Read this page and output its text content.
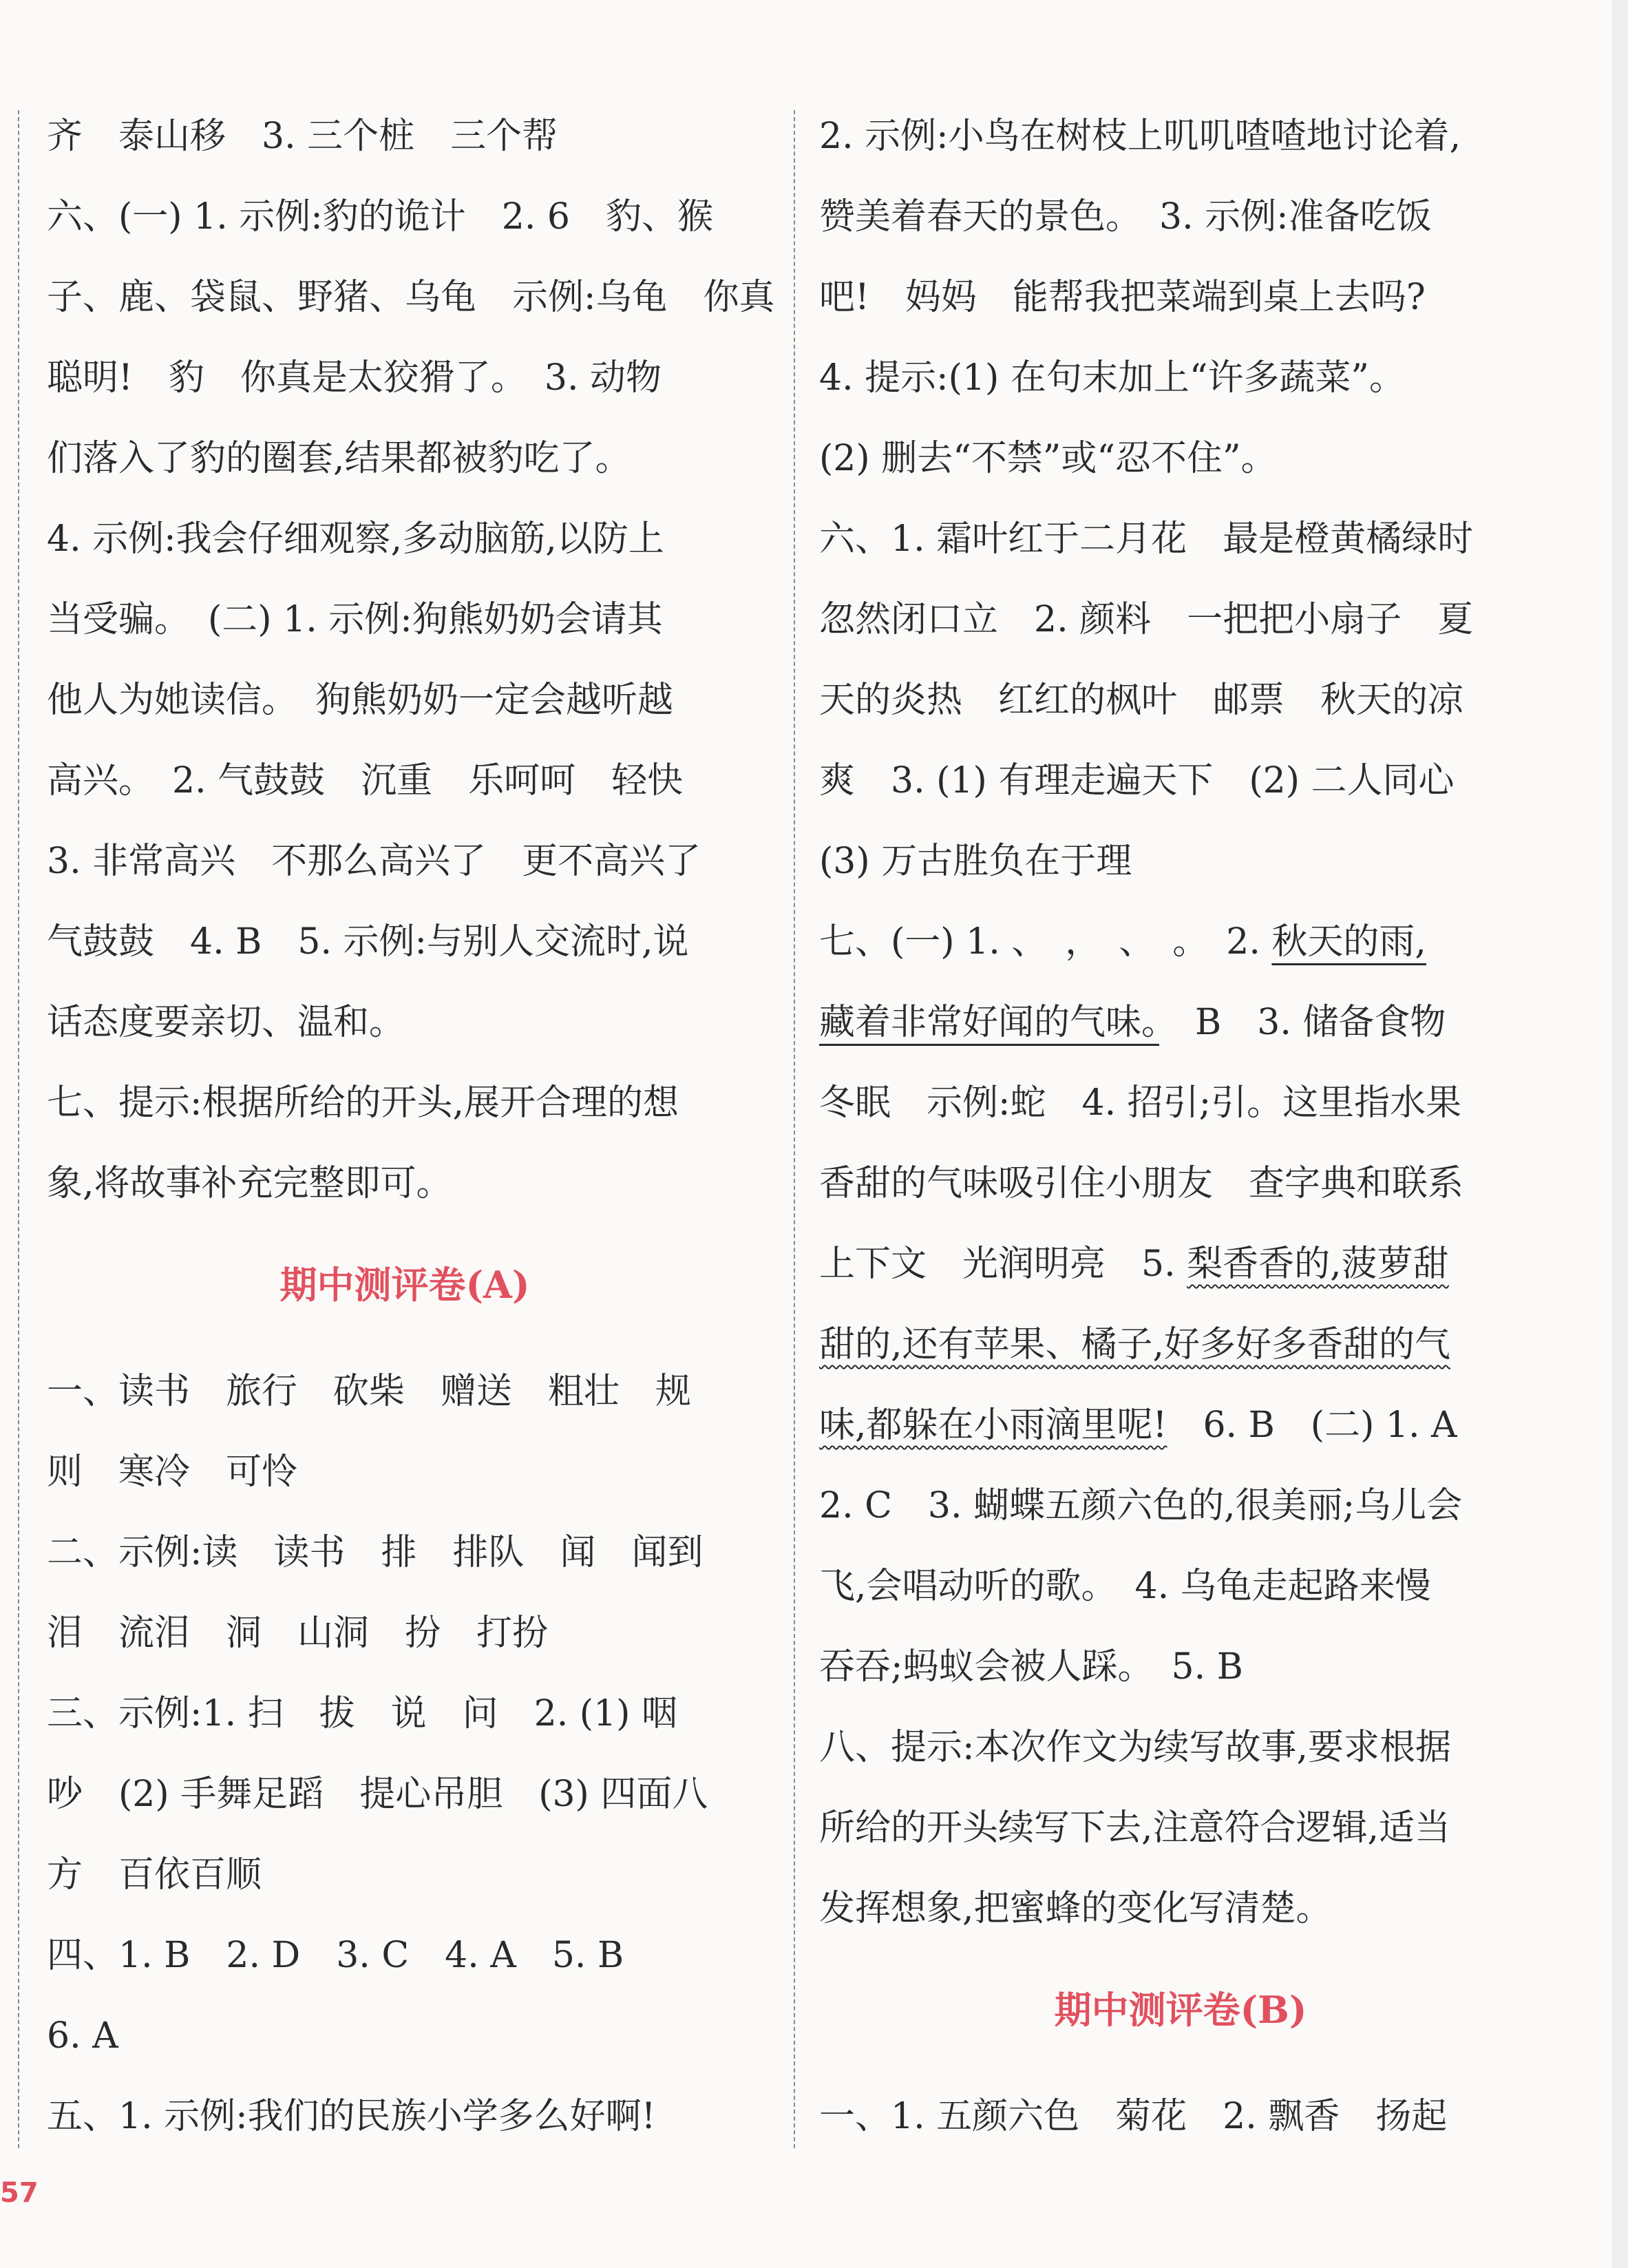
齐　泰山移　3. 三个桩　三个帮
六、(一) 1. 示例:豹的诡计　2. 6　豹、猴
子、鹿、袋鼠、野猪、乌龟　示例:乌龟　你真
聪明!　豹　你真是太狡猾了。　3. 动物
们落入了豹的圈套,结果都被豹吃了。
4. 示例:我会仔细观察,多动脑筋,以防上
当受骗。　(二) 1. 示例:狗熊奶奶会请其
他人为她读信。　狗熊奶奶一定会越听越
高兴。　2. 气鼓鼓　沉重　乐呵呵　轻快
3. 非常高兴　不那么高兴了　更不高兴了
气鼓鼓　4. B　5. 示例:与别人交流时,说
话态度要亲切、温和。
七、提示:根据所给的开头,展开合理的想
象,将故事补充完整即可。
期中测评卷(A)
一、读书　旅行　砍柴　赠送　粗壮　规
则　寒冷　可怜
二、示例:读　读书　排　排队　闻　闻到
泪　流泪　洞　山洞　扮　打扮
三、示例:1. 扫　拔　说　问　2. (1) 咽
吵　(2) 手舞足蹈　提心吊胆　(3) 四面八
方　百依百顺
四、1. B　2. D　3. C　4. A　5. B
6. A
五、1. 示例:我们的民族小学多么好啊!
2. 示例:小鸟在树枝上叽叽喳喳地讨论着,
赞美着春天的景色。　3. 示例:准备吃饭
吧!　妈妈　能帮我把菜端到桌上去吗?
4. 提示:(1) 在句末加上“许多蔬菜”。
(2) 删去“不禁”或“忍不住”。
六、1. 霜叶红于二月花　最是橙黄橘绿时
忽然闭口立　2. 颜料　一把把小扇子　夏
天的炎热　红红的枫叶　邮票　秋天的凉
爽　3. (1) 有理走遍天下　(2) 二人同心
(3) 万古胜负在于理
七、(一) 1. 、　，　、　。　2. 秋天的雨,
藏着非常好闻的气味。　B　3. 储备食物
冬眠　示例:蛇　4. 招引;引。这里指水果
香甜的气味吸引住小朋友　查字典和联系
上下文　光润明亮　5. 梨香香的,菠萝甜
甜的,还有苹果、橘子,好多好多香甜的气
味,都躲在小雨滴里呢!　6. B　(二) 1. A
2. C　3. 蝴蝶五颜六色的,很美丽;乌儿会
飞,会唱动听的歌。　4. 乌龟走起路来慢
吞吞;蚂蚁会被人踩。　5. B
八、提示:本次作文为续写故事,要求根据
所给的开头续写下去,注意符合逻辑,适当
发挥想象,把蜜蜂的变化写清楚。
期中测评卷(B)
一、1. 五颜六色　菊花　2. 飘香　扬起
57
